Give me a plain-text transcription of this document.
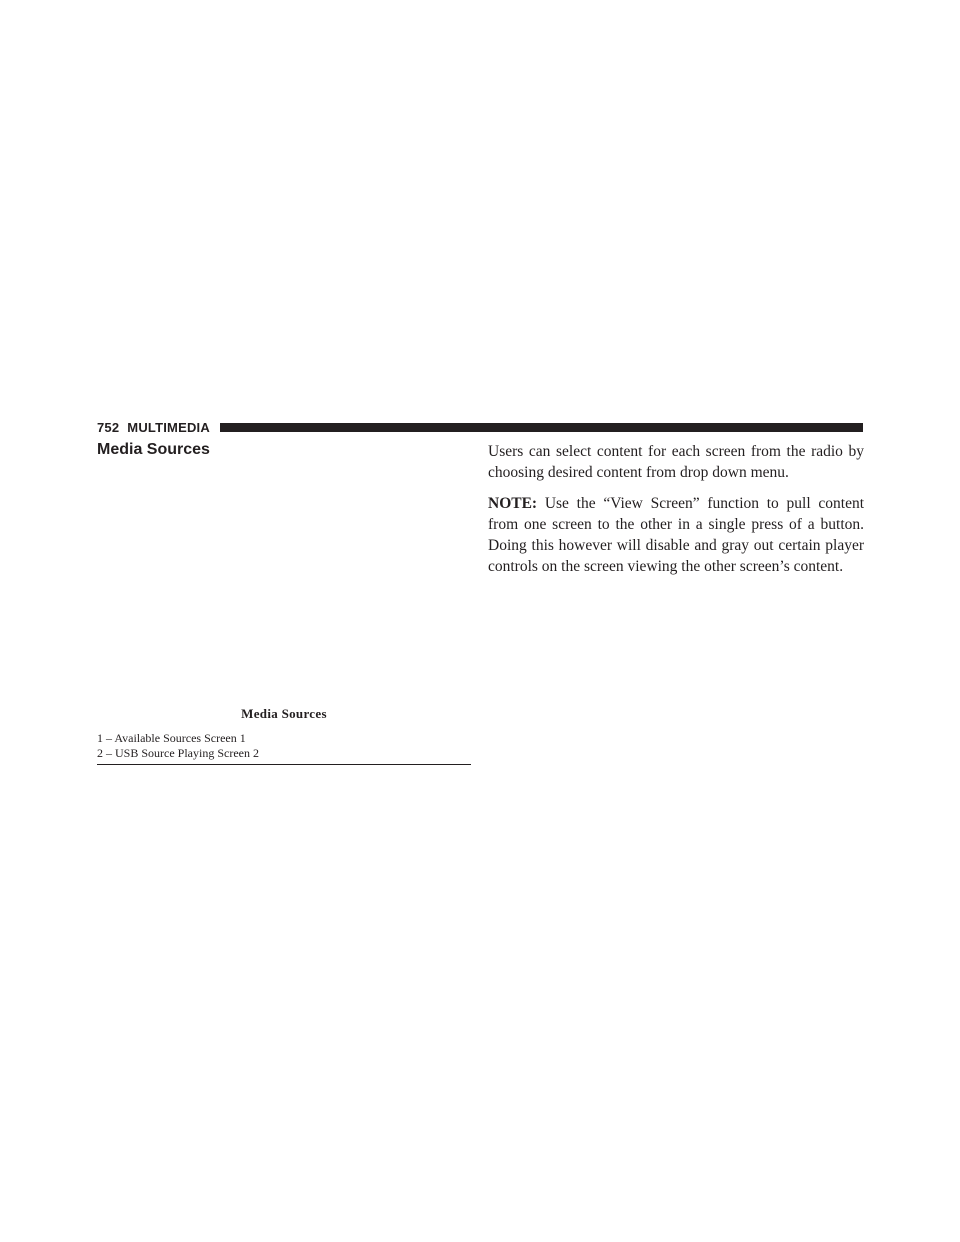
752 MULTIMEDIA
Media Sources
Media Sources
1 – Available Sources Screen 1
2 – USB Source Playing Screen 2

Users can select content for each screen from the radio by choosing desired content from drop down menu.

NOTE: Use the “View Screen” function to pull content from one screen to the other in a single press of a button. Doing this however will disable and gray out certain player controls on the screen viewing the other screen’s content.
